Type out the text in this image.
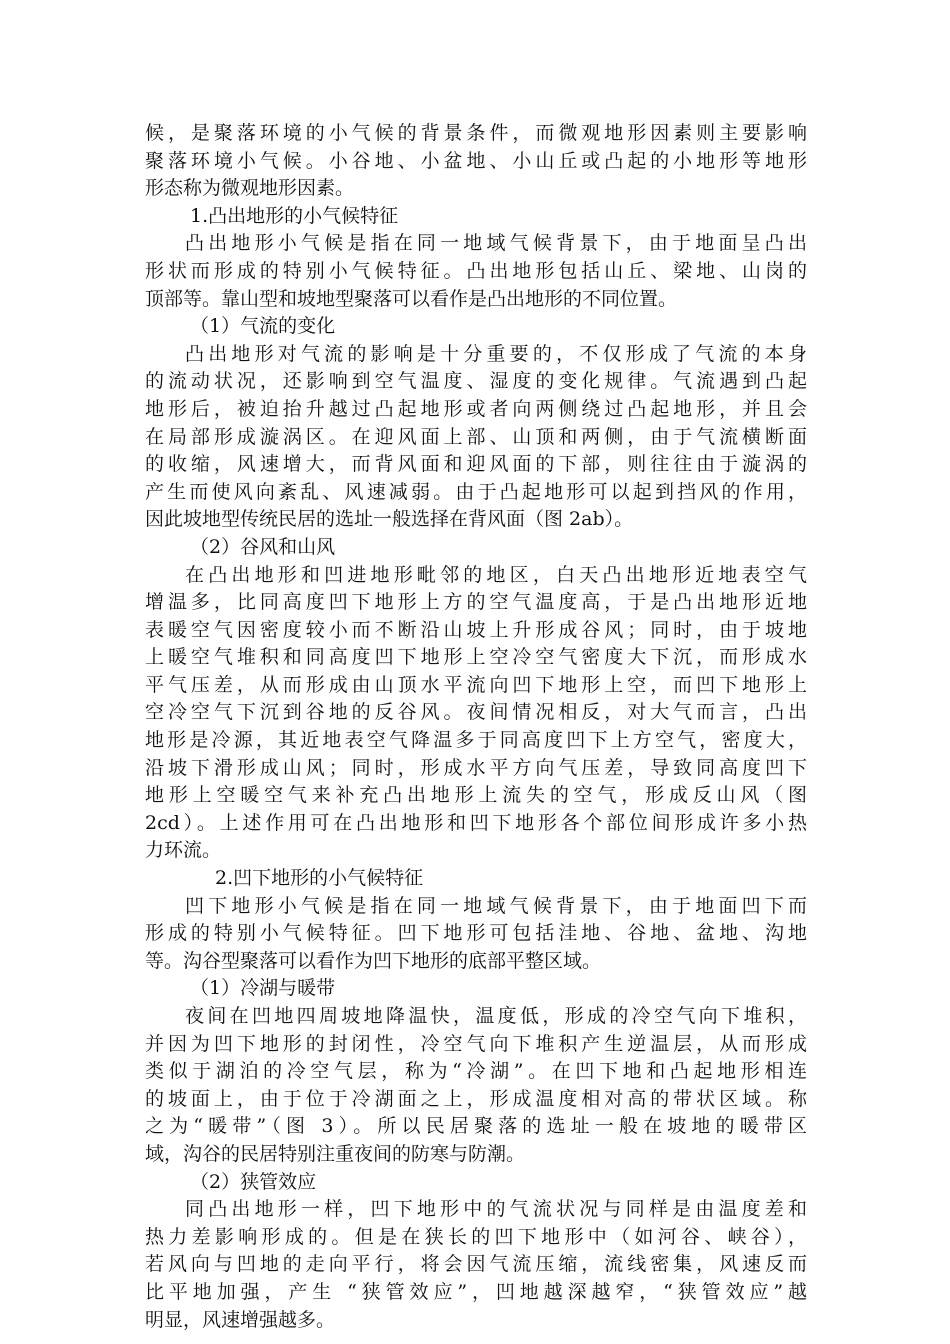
候，是聚落环境的小气候的背景条件，而微观地形因素则主要影响
聚落环境小气候。小谷地、小盆地、小山丘或凸起的小地形等地形
形态称为微观地形因素。
1.凸出地形的小气候特征
凸出地形小气候是指在同一地域气候背景下，由于地面呈凸出
形状而形成的特别小气候特征。凸出地形包括山丘、梁地、山岗的
顶部等。靠山型和坡地型聚落可以看作是凸出地形的不同位置。
（1）气流的变化
凸出地形对气流的影响是十分重要的，不仅形成了气流的本身
的流动状况，还影响到空气温度、湿度的变化规律。气流遇到凸起
地形后，被迫抬升越过凸起地形或者向两侧绕过凸起地形，并且会
在局部形成漩涡区。在迎风面上部、山顶和两侧，由于气流横断面
的收缩，风速增大，而背风面和迎风面的下部，则往往由于漩涡的
产生而使风向紊乱、风速减弱。由于凸起地形可以起到挡风的作用，
因此坡地型传统民居的选址一般选择在背风面（图 2ab）。
（2）谷风和山风
在凸出地形和凹进地形毗邻的地区，白天凸出地形近地表空气
增温多，比同高度凹下地形上方的空气温度高，于是凸出地形近地
表暖空气因密度较小而不断沿山坡上升形成谷风；同时，由于坡地
上暖空气堆积和同高度凹下地形上空冷空气密度大下沉，而形成水
平气压差，从而形成由山顶水平流向凹下地形上空，而凹下地形上
空冷空气下沉到谷地的反谷风。夜间情况相反，对大气而言，凸出
地形是冷源，其近地表空气降温多于同高度凹下上方空气，密度大，
沿坡下滑形成山风；同时，形成水平方向气压差，导致同高度凹下
地形上空暖空气来补充凸出地形上流失的空气，形成反山风（图
2cd）。上述作用可在凸出地形和凹下地形各个部位间形成许多小热
力环流。
2.凹下地形的小气候特征
凹下地形小气候是指在同一地域气候背景下，由于地面凹下而
形成的特别小气候特征。凹下地形可包括洼地、谷地、盆地、沟地
等。沟谷型聚落可以看作为凹下地形的底部平整区域。
（1）冷湖与暖带
夜间在凹地四周坡地降温快，温度低，形成的冷空气向下堆积，
并因为凹下地形的封闭性，冷空气向下堆积产生逆温层，从而形成
类似于湖泊的冷空气层，称为“冷湖”。在凹下地和凸起地形相连
的坡面上，由于位于冷湖面之上，形成温度相对高的带状区域。称
之为“暖带”（图 3）。所以民居聚落的选址一般在坡地的暖带区
域，沟谷的民居特别注重夜间的防寒与防潮。
（2）狭管效应
同凸出地形一样，凹下地形中的气流状况与同样是由温度差和
热力差影响形成的。但是在狭长的凹下地形中（如河谷、峡谷），
若风向与凹地的走向平行，将会因气流压缩，流线密集，风速反而
比平地加强，产生 “狭管效应”，凹地越深越窄，“狭管效应”越
明显，风速增强越多。
